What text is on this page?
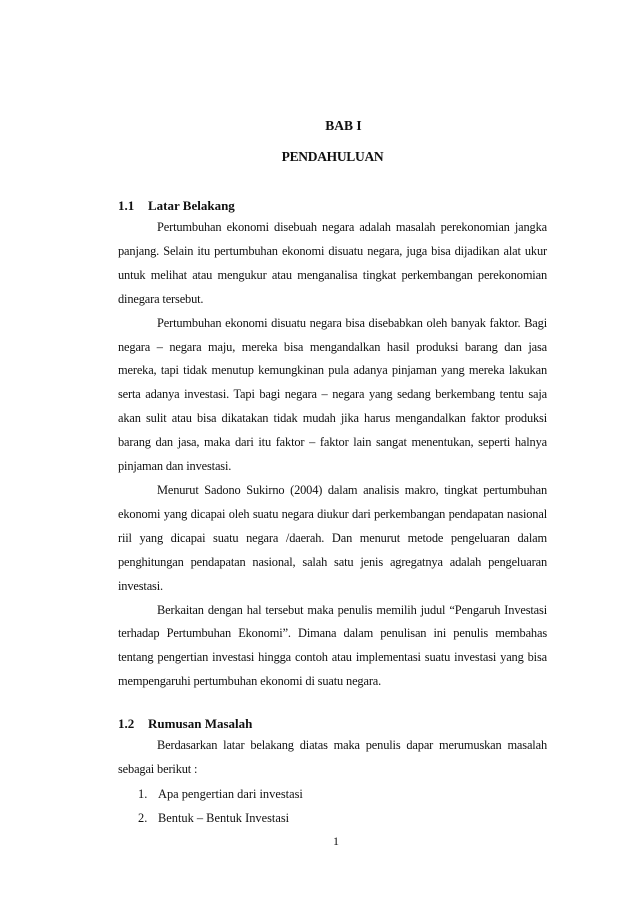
BAB I
PENDAHULUAN
1.1 Latar Belakang

Pertumbuhan ekonomi disebuah negara adalah masalah perekonomian jangka panjang. Selain itu pertumbuhan ekonomi disuatu negara, juga bisa dijadikan alat ukur untuk melihat atau mengukur atau menganalisa tingkat perkembangan perekonomian dinegara tersebut.

Pertumbuhan ekonomi disuatu negara bisa disebabkan oleh banyak faktor. Bagi negara – negara maju, mereka bisa mengandalkan hasil produksi barang dan jasa mereka, tapi tidak menutup kemungkinan pula adanya pinjaman yang mereka lakukan serta adanya investasi. Tapi bagi negara – negara yang sedang berkembang tentu saja akan sulit atau bisa dikatakan tidak mudah jika harus mengandalkan faktor produksi barang dan jasa, maka dari itu faktor – faktor lain sangat menentukan, seperti halnya pinjaman dan investasi.

Menurut Sadono Sukirno (2004) dalam analisis makro, tingkat pertumbuhan ekonomi yang dicapai oleh suatu negara diukur dari perkembangan pendapatan nasional riil yang dicapai suatu negara /daerah. Dan menurut metode pengeluaran dalam penghitungan pendapatan nasional, salah satu jenis agregatnya adalah pengeluaran investasi.

Berkaitan dengan hal tersebut maka penulis memilih judul “Pengaruh Investasi terhadap Pertumbuhan Ekonomi”. Dimana dalam penulisan ini penulis membahas tentang pengertian investasi hingga contoh atau implementasi suatu investasi yang bisa mempengaruhi pertumbuhan ekonomi di suatu negara.

1.2 Rumusan Masalah

Berdasarkan latar belakang diatas maka penulis dapar merumuskan masalah sebagai berikut :

1. Apa pengertian dari investasi
2. Bentuk – Bentuk Investasi
1
